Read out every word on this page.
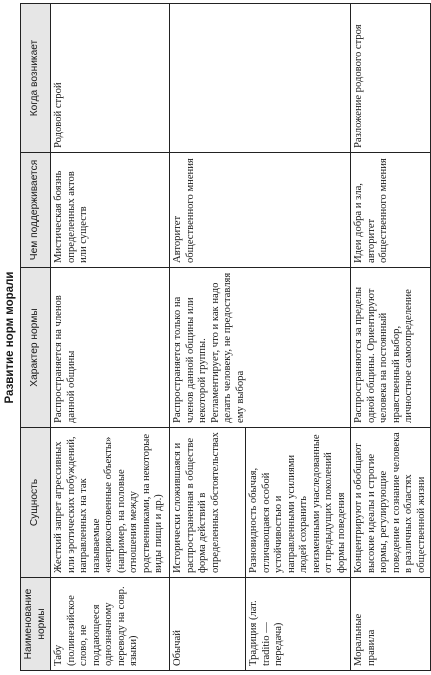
Развитие норм морали
Наименование нормы	Сущность	Характер нормы	Чем поддерживается	Когда возникает
Табу (полинезийское слово, не поддающееся однозначному переводу на совр. языки)	Жесткий запрет агрессивных или эротических побуждений, направленных на так называемые «неприкосновенные объекты» (например, на половые отношения между родственниками, на некоторые виды пищи и др.)	Распространяется на членов данной общины	Мистическая боязнь определенных актов или существ	Родовой строй
Обычай	Исторически сложившаяся и распространенная в обществе форма действий в определенных обстоятельствах	Распространяется только на членов данной общины или некоторой группы. Регламентирует, что и как надо делать человеку, не предоставляя ему выбора	Авторитет общественного мнения	
Традиция (лат. traditio — передача)	Разновидность обычая, отличающаяся особой устойчивостью и направленными усилиями людей сохранить неизменными унаследованные от предыдущих поколений формы поведения			
Моральные правила	Концентрируют и обобщают высокие идеалы и строгие нормы, регулирующие поведение и сознание человека в различных областях общественной жизни	Распространяются за пределы одной общины. Ориентируют человека на постоянный нравственный выбор, личностное самоопределение	Идеи добра и зла, авторитет общественного мнения	Разложение родового строя
